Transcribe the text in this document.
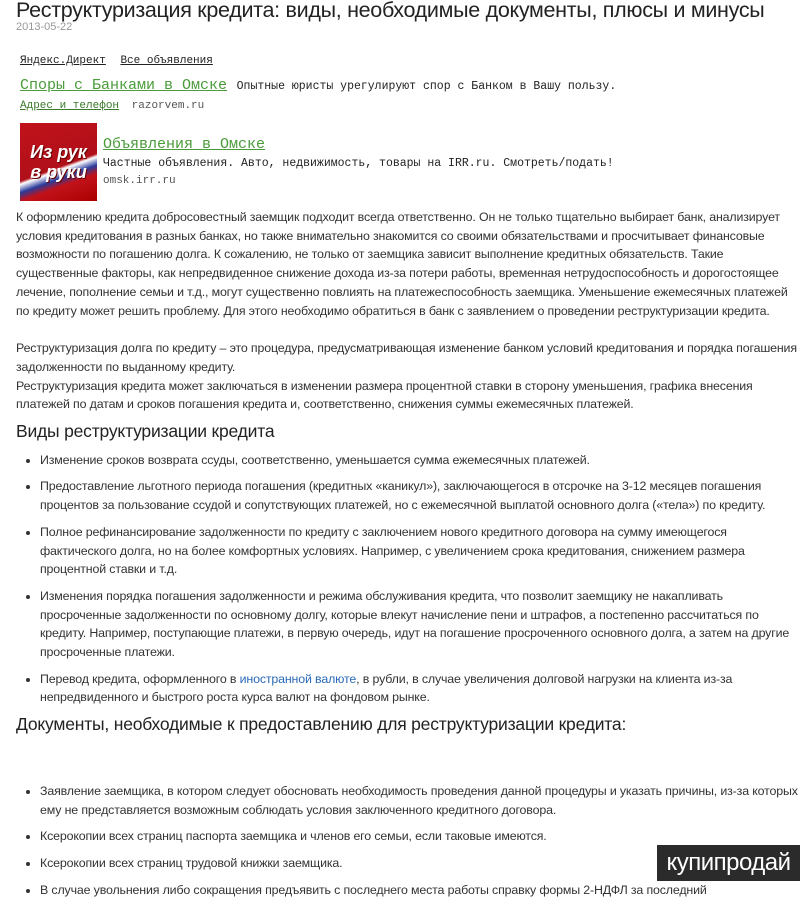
Реструктуризация кредита: виды, необходимые документы, плюсы и минусы
2013-05-22
Яндекс.Директ Все объявления
Споры с Банками в Омске Опытные юристы урегулируют спор с Банком в Вашу пользу.
Адрес и телефон razorvem.ru
Из рук
в руки
Объявления в Омске
Частные объявления. Авто, недвижимость, товары на IRR.ru. Смотреть/подать!
omsk.irr.ru

К оформлению кредита добросовестный заемщик подходит всегда ответственно. Он не только тщательно выбирает банк, анализирует условия кредитования в разных банках, но также внимательно знакомится со своими обязательствами и просчитывает финансовые возможности по погашению долга. К сожалению, не только от заемщика зависит выполнение кредитных обязательств. Такие существенные факторы, как непредвиденное снижение дохода из-за потери работы, временная нетрудоспособность и дорогостоящее лечение, пополнение семьи и т.д., могут существенно повлиять на платежеспособность заемщика. Уменьшение ежемесячных платежей по кредиту может решить проблему. Для этого необходимо обратиться в банк с заявлением о проведении реструктуризации кредита.

Реструктуризация долга по кредиту – это процедура, предусматривающая изменение банком условий кредитования и порядка погашения задолженности по выданному кредиту.

Реструктуризация кредита может заключаться в изменении размера процентной ставки в сторону уменьшения, графика внесения платежей по датам и сроков погашения кредита и, соответственно, снижения суммы ежемесячных платежей.

Виды реструктуризации кредита
• Изменение сроков возврата ссуды, соответственно, уменьшается сумма ежемесячных платежей.
• Предоставление льготного периода погашения (кредитных «каникул»), заключающегося в отсрочке на 3-12 месяцев погашения процентов за пользование ссудой и сопутствующих платежей, но с ежемесячной выплатой основного долга («тела») по кредиту.
• Полное рефинансирование задолженности по кредиту с заключением нового кредитного договора на сумму имеющегося фактического долга, но на более комфортных условиях. Например, с увеличением срока кредитования, снижением размера процентной ставки и т.д.
• Изменения порядка погашения задолженности и режима обслуживания кредита, что позволит заемщику не накапливать просроченные задолженности по основному долгу, которые влекут начисление пени и штрафов, а постепенно рассчитаться по кредиту. Например, поступающие платежи, в первую очередь, идут на погашение просроченного основного долга, а затем на другие просроченные платежи.
• Перевод кредита, оформленного в иностранной валюте, в рубли, в случае увеличения долговой нагрузки на клиента из-за непредвиденного и быстрого роста курса валют на фондовом рынке.
Документы, необходимые к предоставлению для реструктуризации кредита:
• Заявление заемщика, в котором следует обосновать необходимость проведения данной процедуры и указать причины, из-за которых ему не представляется возможным соблюдать условия заключенного кредитного договора.
• Ксерокопии всех страниц паспорта заемщика и членов его семьи, если таковые имеются.
• Ксерокопии всех страниц трудовой книжки заемщика.
• В случае увольнения либо сокращения предъявить с последнего места работы справку формы 2-НДФЛ за последний
купипродай
